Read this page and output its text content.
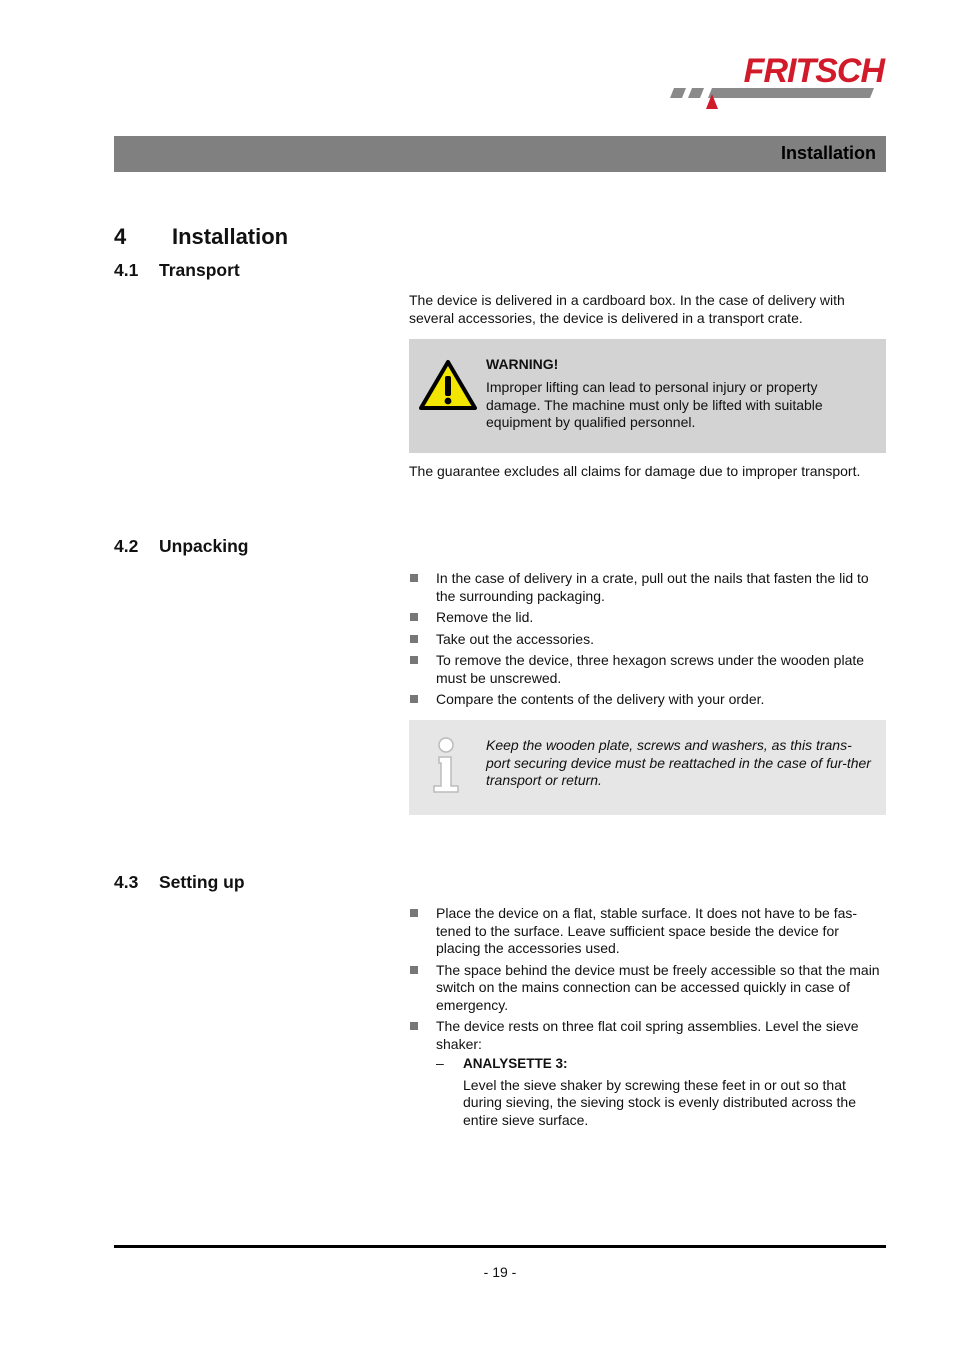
FRITSCH
Installation
4 Installation
4.1 Transport
The device is delivered in a cardboard box. In the case of delivery with several accessories, the device is delivered in a transport crate.
WARNING!
Improper lifting can lead to personal injury or property damage. The machine must only be lifted with suitable equipment by qualified personnel.
The guarantee excludes all claims for damage due to improper transport.
4.2 Unpacking
In the case of delivery in a crate, pull out the nails that fasten the lid to the surrounding packaging.
Remove the lid.
Take out the accessories.
To remove the device, three hexagon screws under the wooden plate must be unscrewed.
Compare the contents of the delivery with your order.
Keep the wooden plate, screws and washers, as this trans-port securing device must be reattached in the case of fur-ther transport or return.
4.3 Setting up
Place the device on a flat, stable surface. It does not have to be fas-tened to the surface. Leave sufficient space beside the device for placing the accessories used.
The space behind the device must be freely accessible so that the main switch on the mains connection can be accessed quickly in case of emergency.
The device rests on three flat coil spring assemblies. Level the sieve shaker:
– ANALYSETTE 3:
Level the sieve shaker by screwing these feet in or out so that during sieving, the sieving stock is evenly distributed across the entire sieve surface.
- 19 -
